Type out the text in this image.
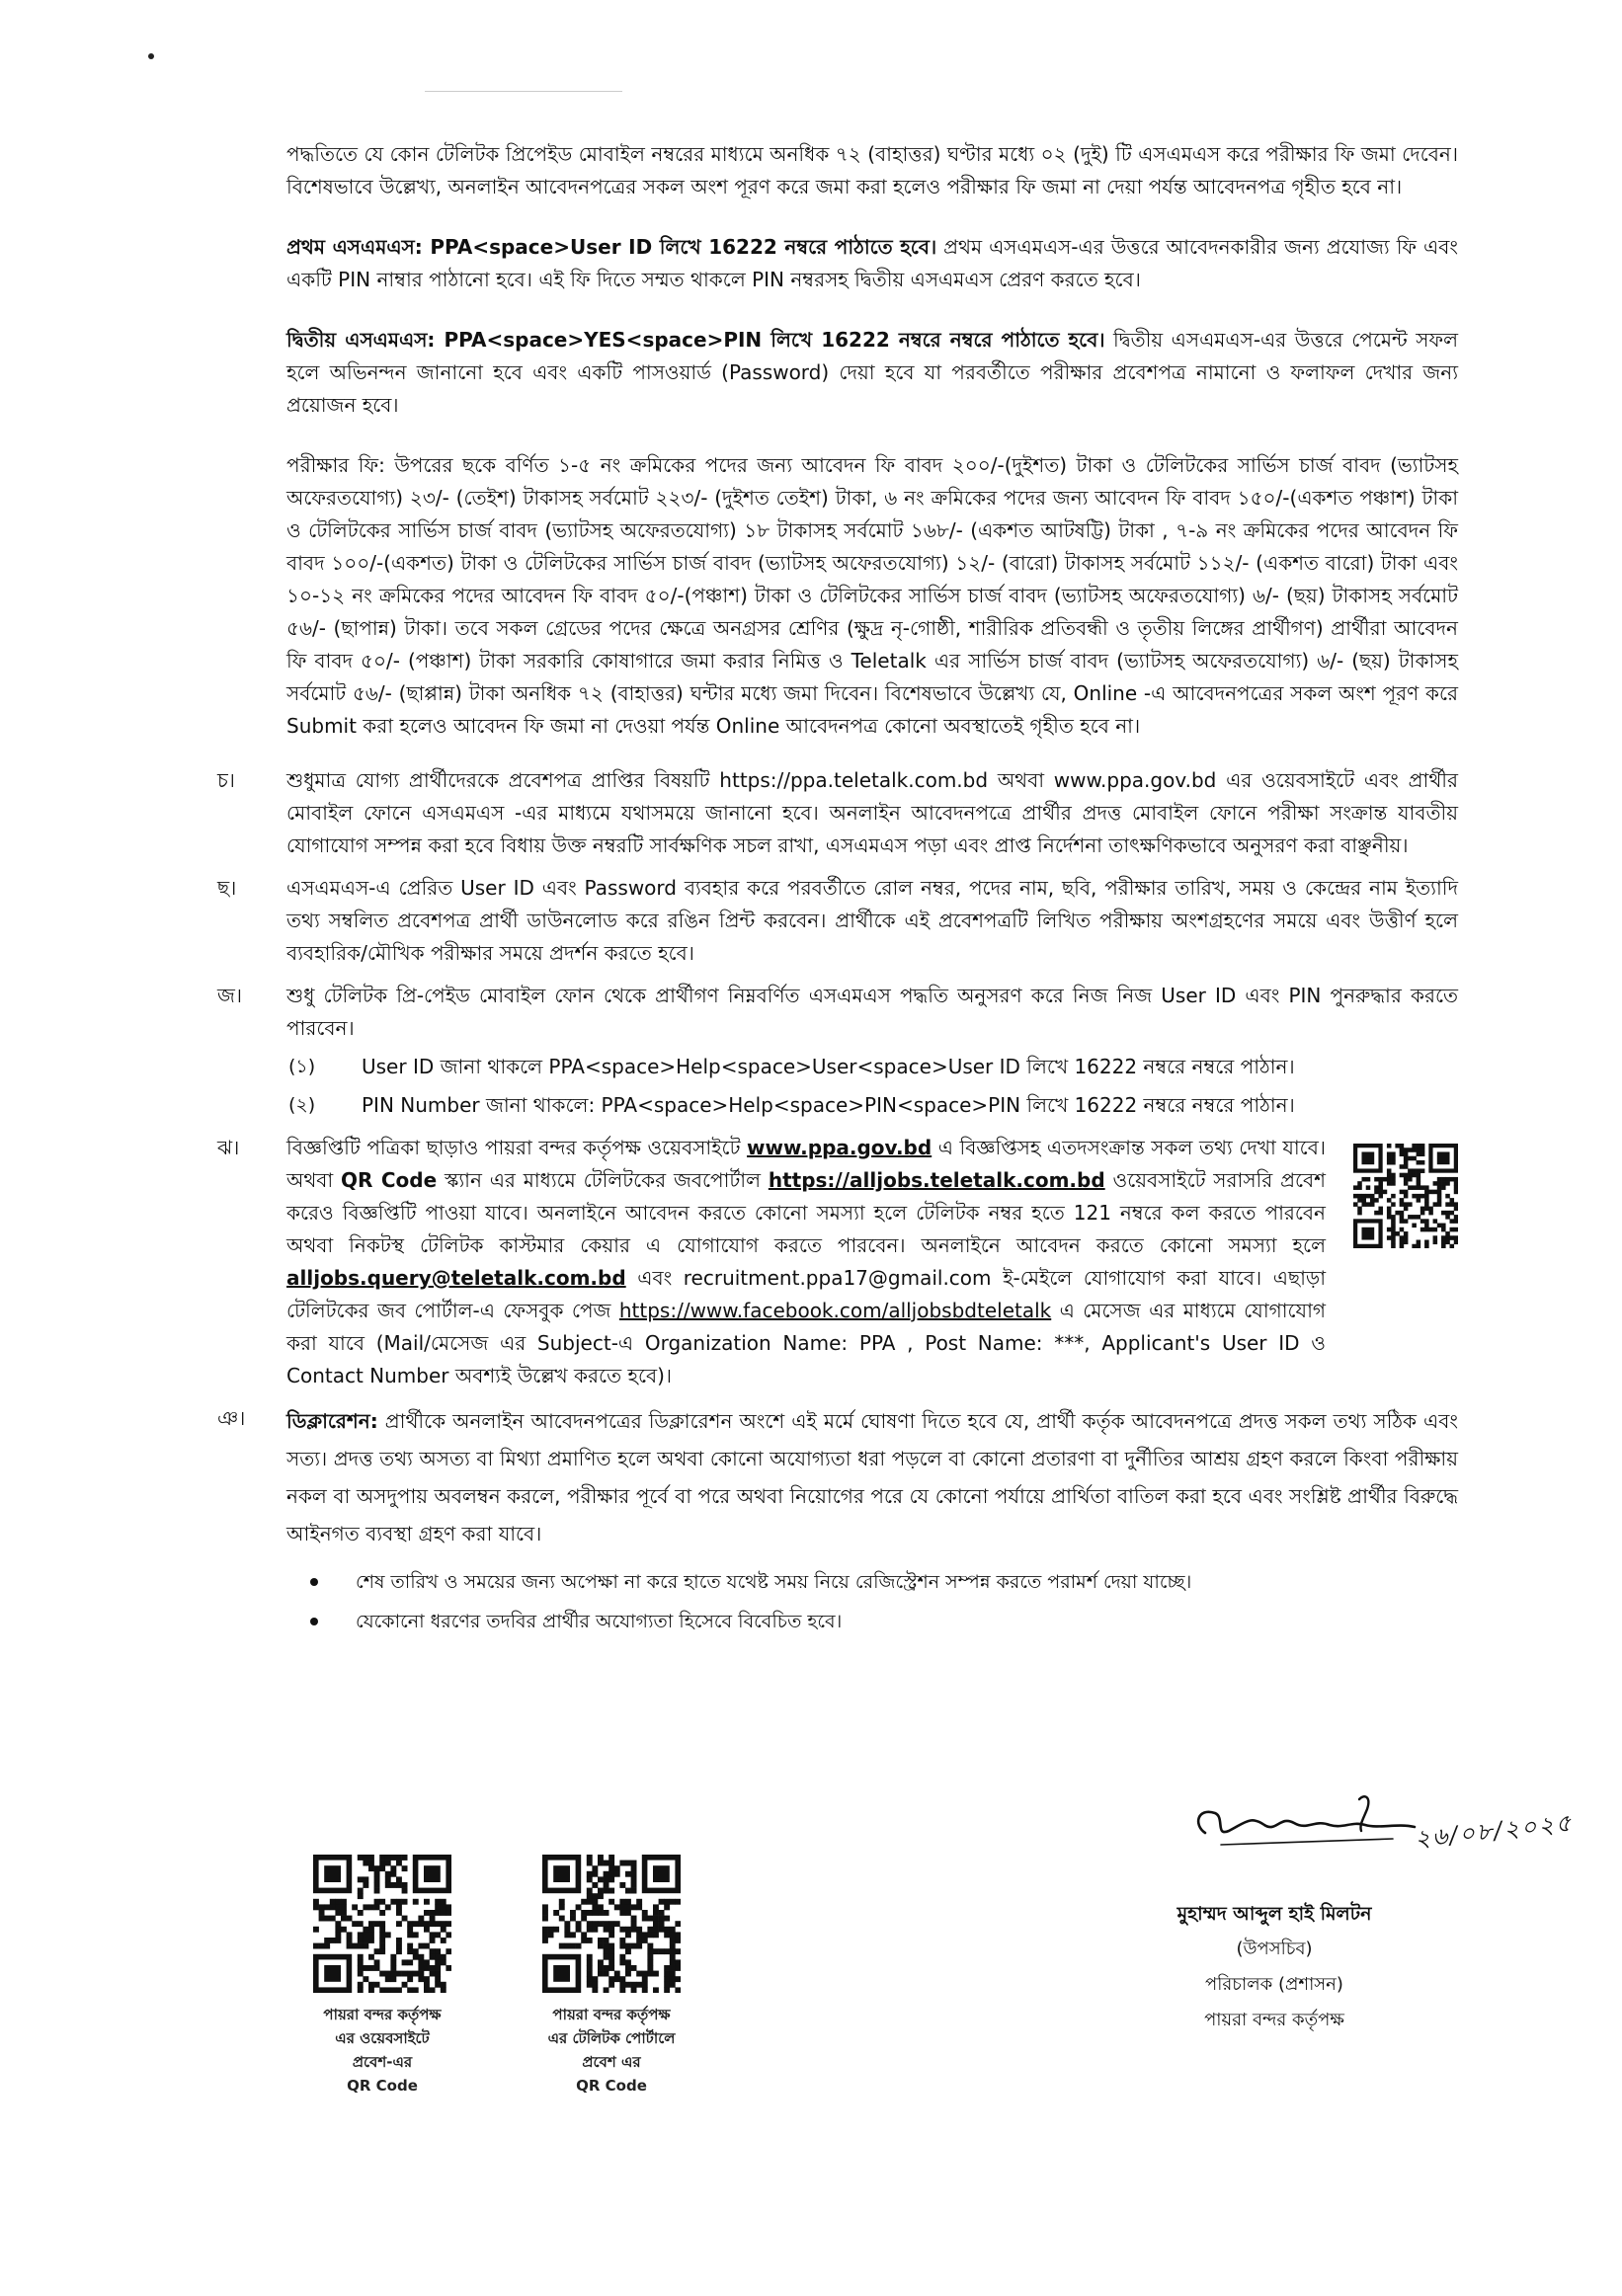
পদ্ধতিতে যে কোন টেলিটক প্রিপেইড মোবাইল নম্বরের মাধ্যমে অনধিক ৭২ (বাহাত্তর) ঘণ্টার মধ্যে ০২ (দুই) টি এসএমএস করে পরীক্ষার ফি জমা দেবেন। বিশেষভাবে উল্লেখ্য, অনলাইন আবেদনপত্রের সকল অংশ পূরণ করে জমা করা হলেও পরীক্ষার ফি জমা না দেয়া পর্যন্ত আবেদনপত্র গৃহীত হবে না।

প্রথম এসএমএস: PPA<space>User ID লিখে 16222 নম্বরে পাঠাতে হবে। প্রথম এসএমএস-এর উত্তরে আবেদনকারীর জন্য প্রযোজ্য ফি এবং একটি PIN নাম্বার পাঠানো হবে। এই ফি দিতে সম্মত থাকলে PIN নম্বরসহ দ্বিতীয় এসএমএস প্রেরণ করতে হবে।

দ্বিতীয় এসএমএস: PPA<space>YES<space>PIN লিখে 16222 নম্বরে নম্বরে পাঠাতে হবে। দ্বিতীয় এসএমএস-এর উত্তরে পেমেন্ট সফল হলে অভিনন্দন জানানো হবে এবং একটি পাসওয়ার্ড (Password) দেয়া হবে যা পরবর্তীতে পরীক্ষার প্রবেশপত্র নামানো ও ফলাফল দেখার জন্য প্রয়োজন হবে।

পরীক্ষার ফি: উপরের ছকে বর্ণিত ১-৫ নং ক্রমিকের পদের জন্য আবেদন ফি বাবদ ২০০/-(দুইশত) টাকা ও টেলিটকের সার্ভিস চার্জ বাবদ (ভ্যাটসহ অফেরতযোগ্য) ২৩/- (তেইশ) টাকাসহ সর্বমোট ২২৩/- (দুইশত তেইশ) টাকা, ৬ নং ক্রমিকের পদের জন্য আবেদন ফি বাবদ ১৫০/-(একশত পঞ্চাশ) টাকা ও টেলিটকের সার্ভিস চার্জ বাবদ (ভ্যাটসহ অফেরতযোগ্য) ১৮ টাকাসহ সর্বমোট ১৬৮/- (একশত আটষট্টি) টাকা , ৭-৯ নং ক্রমিকের পদের আবেদন ফি বাবদ ১০০/-(একশত) টাকা ও টেলিটকের সার্ভিস চার্জ বাবদ (ভ্যাটসহ অফেরতযোগ্য) ১২/- (বারো) টাকাসহ সর্বমোট ১১২/- (একশত বারো) টাকা এবং ১০-১২ নং ক্রমিকের পদের আবেদন ফি বাবদ ৫০/-(পঞ্চাশ) টাকা ও টেলিটকের সার্ভিস চার্জ বাবদ (ভ্যাটসহ অফেরতযোগ্য) ৬/- (ছয়) টাকাসহ সর্বমোট ৫৬/- (ছাপান্ন) টাকা। তবে সকল গ্রেডের পদের ক্ষেত্রে অনগ্রসর শ্রেণির (ক্ষুদ্র নৃ-গোষ্ঠী, শারীরিক প্রতিবন্ধী ও তৃতীয় লিঙ্গের প্রার্থীগণ) প্রার্থীরা আবেদন ফি বাবদ ৫০/- (পঞ্চাশ) টাকা সরকারি কোষাগারে জমা করার নিমিত্ত ও Teletalk এর সার্ভিস চার্জ বাবদ (ভ্যাটসহ অফেরতযোগ্য) ৬/- (ছয়) টাকাসহ সর্বমোট ৫৬/- (ছাপ্পান্ন) টাকা অনধিক ৭২ (বাহাত্তর) ঘন্টার মধ্যে জমা দিবেন। বিশেষভাবে উল্লেখ্য যে, Online -এ আবেদনপত্রের সকল অংশ পূরণ করে Submit করা হলেও আবেদন ফি জমা না দেওয়া পর্যন্ত Online আবেদনপত্র কোনো অবস্থাতেই গৃহীত হবে না।

চ।	শুধুমাত্র যোগ্য প্রার্থীদেরকে প্রবেশপত্র প্রাপ্তির বিষয়টি https://ppa.teletalk.com.bd অথবা www.ppa.gov.bd এর ওয়েবসাইটে এবং প্রার্থীর মোবাইল ফোনে এসএমএস -এর মাধ্যমে যথাসময়ে জানানো হবে। অনলাইন আবেদনপত্রে প্রার্থীর প্রদত্ত মোবাইল ফোনে পরীক্ষা সংক্রান্ত যাবতীয় যোগাযোগ সম্পন্ন করা হবে বিধায় উক্ত নম্বরটি সার্বক্ষণিক সচল রাখা, এসএমএস পড়া এবং প্রাপ্ত নির্দেশনা তাৎক্ষণিকভাবে অনুসরণ করা বাঞ্ছনীয়।

ছ।	এসএমএস-এ প্রেরিত User ID এবং Password ব্যবহার করে পরবর্তীতে রোল নম্বর, পদের নাম, ছবি, পরীক্ষার তারিখ, সময় ও কেন্দ্রের নাম ইত্যাদি তথ্য সম্বলিত প্রবেশপত্র প্রার্থী ডাউনলোড করে রঙিন প্রিন্ট করবেন। প্রার্থীকে এই প্রবেশপত্রটি লিখিত পরীক্ষায় অংশগ্রহণের সময়ে এবং উত্তীর্ণ হলে ব্যবহারিক/মৌখিক পরীক্ষার সময়ে প্রদর্শন করতে হবে।

জ। শুধু টেলিটক প্রি-পেইড মোবাইল ফোন থেকে প্রার্থীগণ নিম্নবর্ণিত এসএমএস পদ্ধতি অনুসরণ করে নিজ নিজ User ID এবং PIN পুনরুদ্ধার করতে পারবেন।

(১)	User ID জানা থাকলে PPA<space>Help<space>User<space>User ID লিখে 16222 নম্বরে নম্বরে পাঠান।
(২)	PIN Number জানা থাকলে: PPA<space>Help<space>PIN<space>PIN লিখে 16222 নম্বরে নম্বরে পাঠান।
ঝ। বিজ্ঞপ্তিটি পত্রিকা ছাড়াও পায়রা বন্দর কর্তৃপক্ষ ওয়েবসাইটে www.ppa.gov.bd এ বিজ্ঞপ্তিসহ এতদসংক্রান্ত সকল তথ্য দেখা যাবে। অথবা QR Code স্ক্যান এর মাধ্যমে টেলিটকের জবপোর্টাল https://alljobs.teletalk.com.bd ওয়েবসাইটে সরাসরি প্রবেশ করেও বিজ্ঞপ্তিটি পাওয়া যাবে। অনলাইনে আবেদন করতে কোনো সমস্যা হলে টেলিটক নম্বর হতে 121 নম্বরে কল করতে পারবেন অথবা নিকটস্থ টেলিটক কাস্টমার কেয়ার এ যোগাযোগ করতে পারবেন। অনলাইনে আবেদন করতে কোনো সমস্যা হলে alljobs.query@teletalk.com.bd এবং recruitment.ppa17@gmail.com ই-মেইলে যোগাযোগ করা যাবে। এছাড়া টেলিটকের জব পোর্টাল-এ ফেসবুক পেজ https://www.facebook.com/alljobsbdteletalk এ মেসেজ এর মাধ্যমে যোগাযোগ করা যাবে (Mail/মেসেজ এর Subject-এ Organization Name: PPA , Post Name: ***, Applicant's User ID ও Contact Number অবশ্যই উল্লেখ করতে হবে)।

ঞ। ডিক্লারেশন: প্রার্থীকে অনলাইন আবেদনপত্রের ডিক্লারেশন অংশে এই মর্মে ঘোষণা দিতে হবে যে, প্রার্থী কর্তৃক আবেদনপত্রে প্রদত্ত সকল তথ্য সঠিক এবং সত্য। প্রদত্ত তথ্য অসত্য বা মিথ্যা প্রমাণিত হলে অথবা কোনো অযোগ্যতা ধরা পড়লে বা কোনো প্রতারণা বা দুর্নীতির আশ্রয় গ্রহণ করলে কিংবা পরীক্ষায় নকল বা অসদুপায় অবলম্বন করলে, পরীক্ষার পূর্বে বা পরে অথবা নিয়োগের পরে যে কোনো পর্যায়ে প্রার্থিতা বাতিল করা হবে এবং সংশ্লিষ্ট প্রার্থীর বিরুদ্ধে আইনগত ব্যবস্থা গ্রহণ করা যাবে।

শেষ তারিখ ও সময়ের জন্য অপেক্ষা না করে হাতে যথেষ্ট সময় নিয়ে রেজিস্ট্রেশন সম্পন্ন করতে পরামর্শ দেয়া যাচ্ছে।
যেকোনো ধরণের তদবির প্রার্থীর অযোগ্যতা হিসেবে বিবেচিত হবে।
পায়রা বন্দর কর্তৃপক্ষ
এর ওয়েবসাইটে
প্রবেশ-এর
QR Code
পায়রা বন্দর কর্তৃপক্ষ
এর টেলিটক পোর্টালে
প্রবেশ এর
QR Code
২৬/০৮/২০২৫
মুহাম্মদ আব্দুল হাই মিলটন
(উপসচিব)
পরিচালক (প্রশাসন)
পায়রা বন্দর কর্তৃপক্ষ
